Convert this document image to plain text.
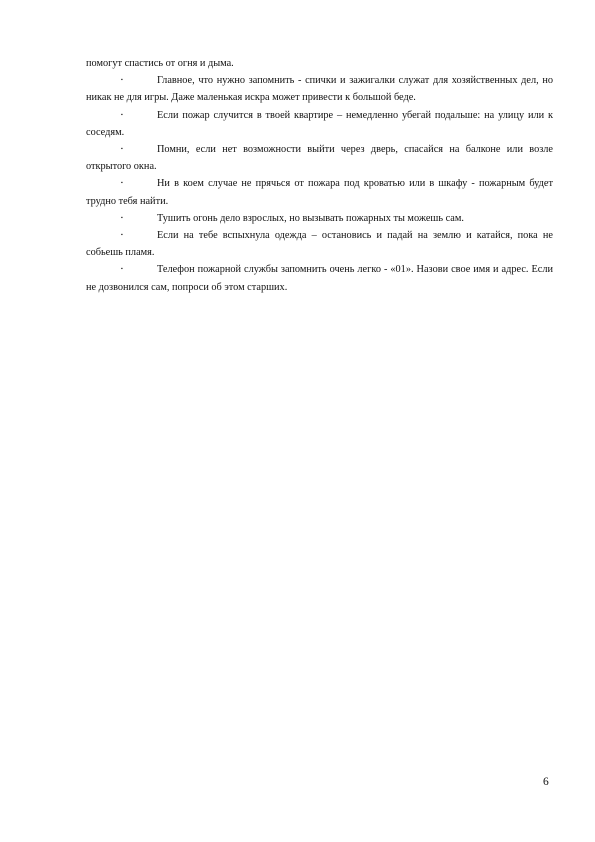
помогут спастись от огня и дыма.

▪	Главное, что нужно запомнить - спички и зажигалки служат для хозяйственных дел, но никак не для игры. Даже маленькая искра может привести к большой беде.

▪	Если пожар случится в твоей квартире – немедленно убегай подальше: на улицу или к соседям.

▪	Помни, если нет возможности выйти через дверь, спасайся на балконе или возле открытого окна.

▪	Ни в коем случае не прячься от пожара под кроватью или в шкафу - пожарным будет трудно тебя найти.

▪	Тушить огонь дело взрослых, но вызывать пожарных ты можешь сам.

▪	Если на тебе вспыхнула одежда – остановись и падай на землю и катайся, пока не собьешь пламя.

▪	Телефон пожарной службы запомнить очень легко - «01». Назови свое имя и адрес. Если не дозвонился сам, попроси об этом старших.

6
